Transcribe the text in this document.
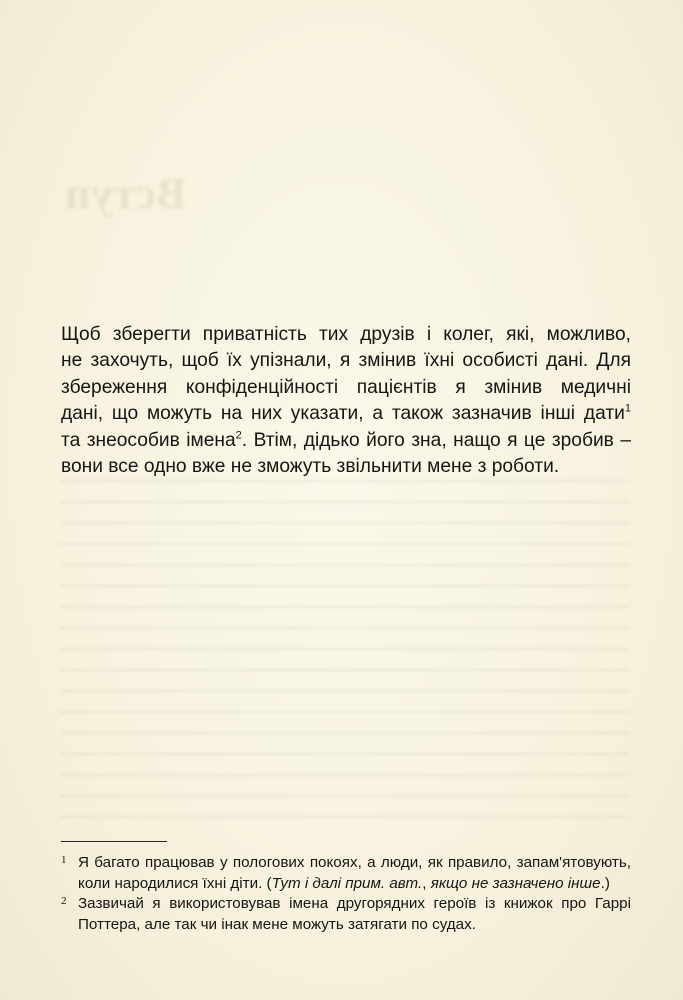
Вступ

Щоб зберегти приватність тих друзів і колег, які, можливо,
не захочуть, щоб їх упізнали, я змінив їхні особисті дані. Для
збереження конфіденційності пацієнтів я змінив медичні
дані, що можуть на них указати, а також зазначив інші дати$^1$
та знеособив імена$^2$. Втім, дідько його зна, нащо я це зробив –
вони все одно вже не зможуть звільнити мене з роботи.

1 Я багато працював у пологових покоях, а люди, як правило, запам'ятовують,
коли народилися їхні діти. (Тут і далі прим. авт., якщо не зазначено інше.)
2 Зазвичай я використовував імена другорядних героїв із книжок про Гаррі
Поттера, але так чи інак мене можуть затягати по судах.
